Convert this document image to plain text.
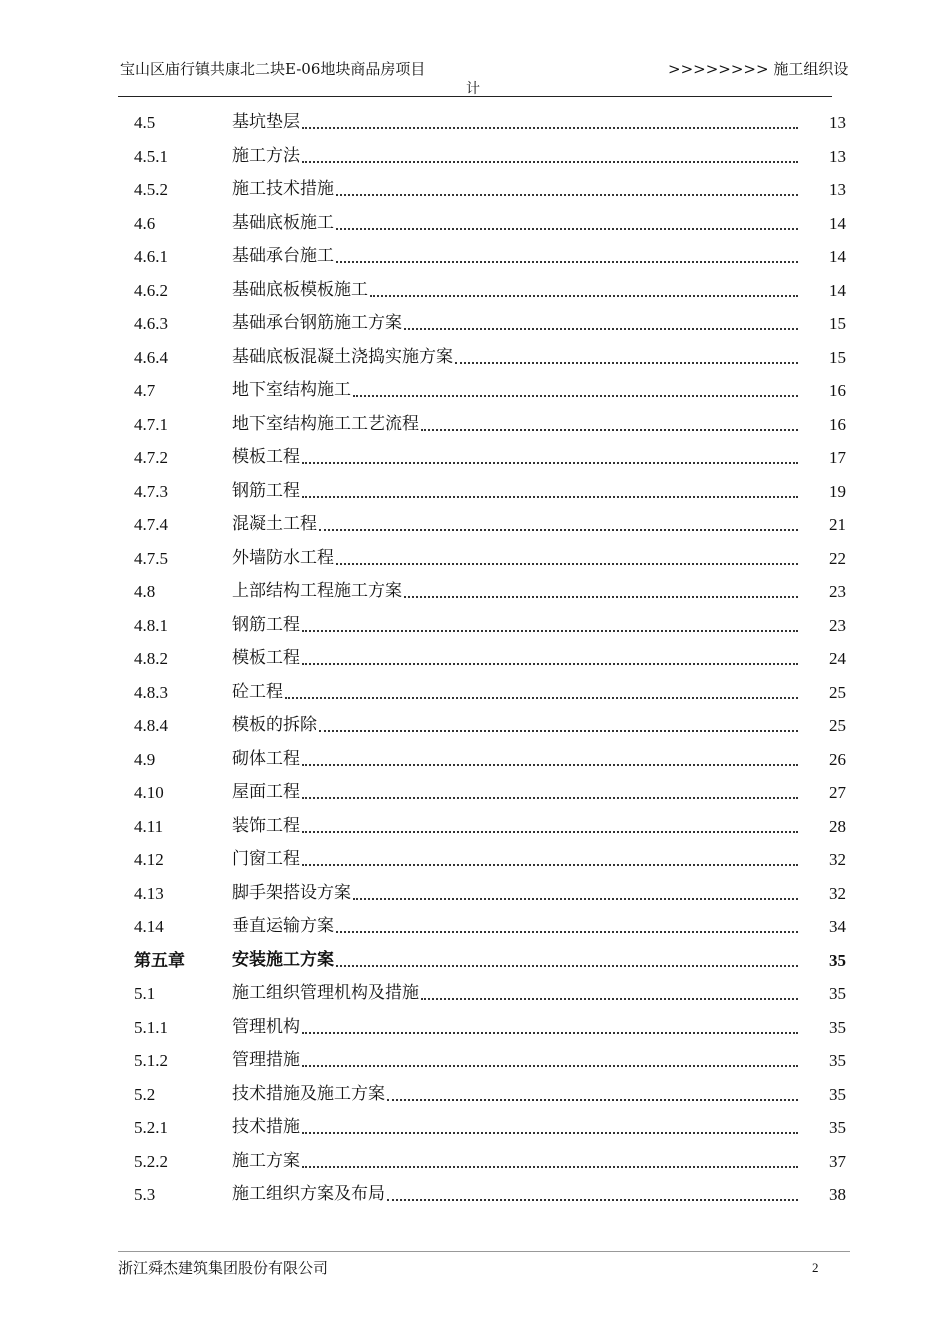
宝山区庙行镇共康北二块E-06地块商品房项目	>>>>>>>> 施工组织设
计
4.5	基坑垫层	13
4.5.1	施工方法	13
4.5.2	施工技术措施	13
4.6	基础底板施工	14
4.6.1	基础承台施工	14
4.6.2	基础底板模板施工	14
4.6.3	基础承台钢筋施工方案	15
4.6.4	基础底板混凝土浇捣实施方案	15
4.7	地下室结构施工	16
4.7.1	地下室结构施工工艺流程	16
4.7.2	模板工程	17
4.7.3	钢筋工程	19
4.7.4	混凝土工程	21
4.7.5	外墙防水工程	22
4.8	上部结构工程施工方案	23
4.8.1	钢筋工程	23
4.8.2	模板工程	24
4.8.3	砼工程	25
4.8.4	模板的拆除	25
4.9	砌体工程	26
4.10	屋面工程	27
4.11	装饰工程	28
4.12	门窗工程	32
4.13	脚手架搭设方案	32
4.14	垂直运输方案	34
第五章	安装施工方案	35
5.1	施工组织管理机构及措施	35
5.1.1	管理机构	35
5.1.2	管理措施	35
5.2	技术措施及施工方案	35
5.2.1	技术措施	35
5.2.2	施工方案	37
5.3	施工组织方案及布局	38
浙江舜杰建筑集团股份有限公司	2
